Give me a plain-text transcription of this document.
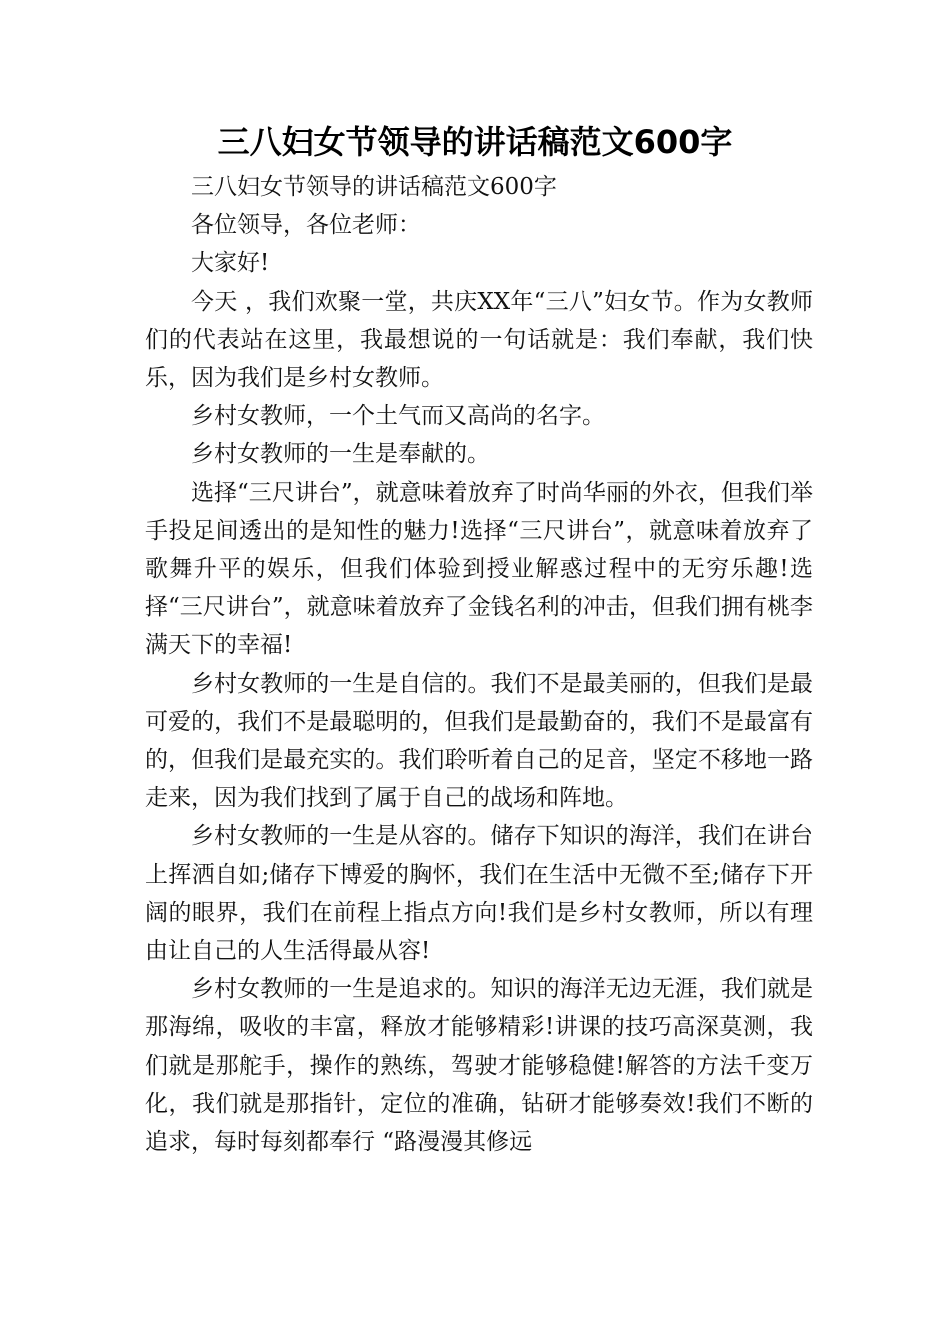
三八妇女节领导的讲话稿范文600字

三八妇女节领导的讲话稿范文600字

各位领导，各位老师：

大家好!

今天 ，我们欢聚一堂，共庆XX年“三八”妇女节。作为女教师们的代表站在这里，我最想说的一句话就是：我们奉献，我们快乐，因为我们是乡村女教师。

乡村女教师，一个土气而又高尚的名字。

乡村女教师的一生是奉献的。

选择“三尺讲台”，就意味着放弃了时尚华丽的外衣，但我们举手投足间透出的是知性的魅力!选择“三尺讲台”，就意味着放弃了歌舞升平的娱乐，但我们体验到授业解惑过程中的无穷乐趣!选择“三尺讲台”，就意味着放弃了金钱名利的冲击，但我们拥有桃李满天下的幸福!

乡村女教师的一生是自信的。我们不是最美丽的，但我们是最可爱的，我们不是最聪明的，但我们是最勤奋的，我们不是最富有的，但我们是最充实的。我们聆听着自己的足音，坚定不移地一路走来，因为我们找到了属于自己的战场和阵地。

乡村女教师的一生是从容的。储存下知识的海洋，我们在讲台上挥洒自如;储存下博爱的胸怀，我们在生活中无微不至;储存下开阔的眼界，我们在前程上指点方向!我们是乡村女教师，所以有理由让自己的人生活得最从容!

乡村女教师的一生是追求的。知识的海洋无边无涯，我们就是那海绵，吸收的丰富，释放才能够精彩!讲课的技巧高深莫测，我们就是那舵手，操作的熟练，驾驶才能够稳健!解答的方法千变万化，我们就是那指针，定位的准确，钻研才能够奏效!我们不断的追求，每时每刻都奉行 “路漫漫其修远
